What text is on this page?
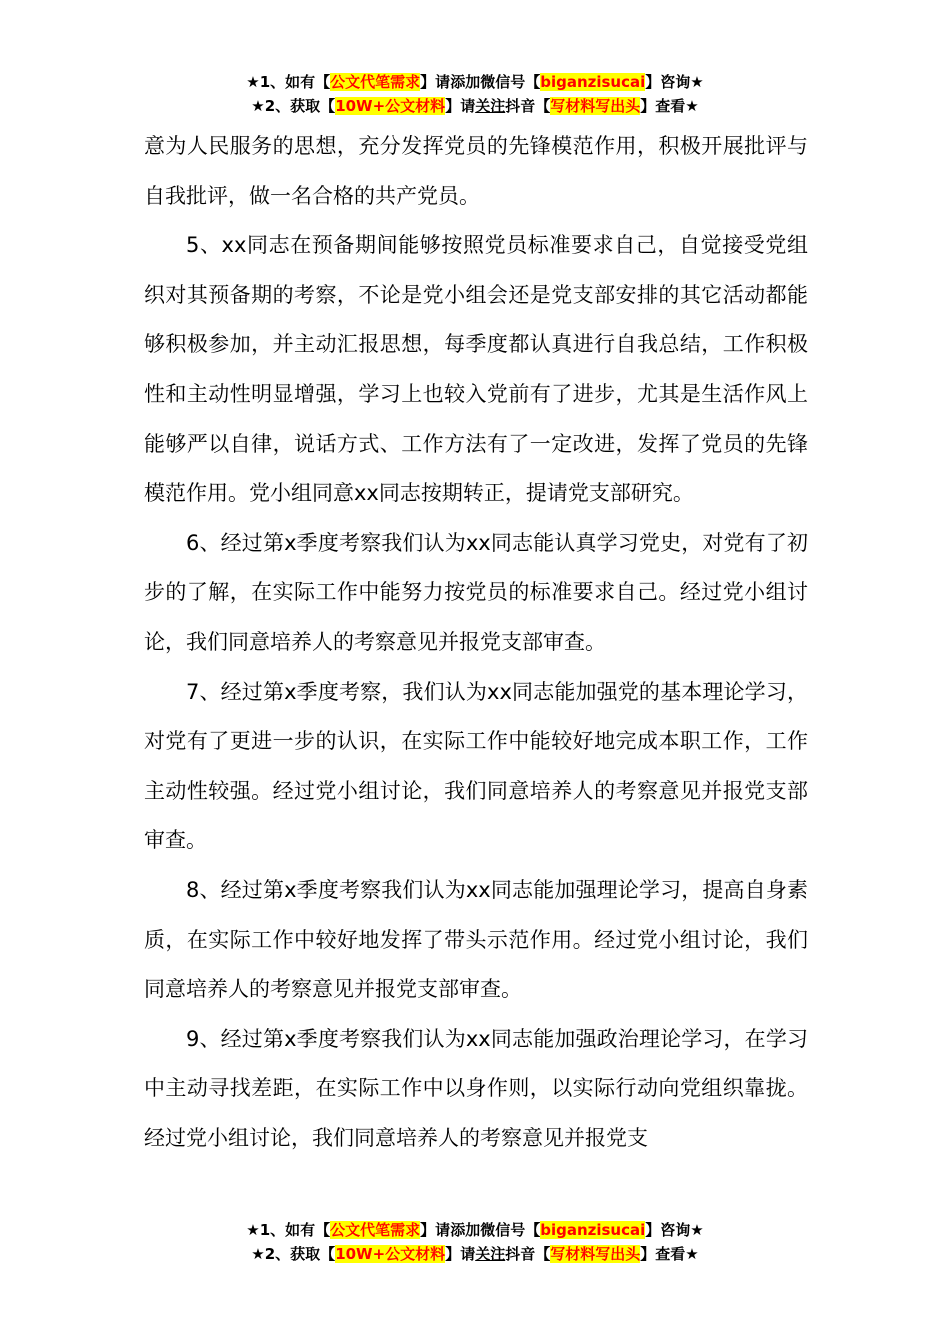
★1、如有【公文代笔需求】请添加微信号【biganzisucai】咨询★
★2、获取【10W+公文材料】请关注抖音【写材料写出头】查看★

意为人民服务的思想，充分发挥党员的先锋模范作用，积极开展批评与自我批评，做一名合格的共产党员。

5、xx同志在预备期间能够按照党员标准要求自己，自觉接受党组织对其预备期的考察，不论是党小组会还是党支部安排的其它活动都能够积极参加，并主动汇报思想，每季度都认真进行自我总结，工作积极性和主动性明显增强，学习上也较入党前有了进步，尤其是生活作风上能够严以自律，说话方式、工作方法有了一定改进，发挥了党员的先锋模范作用。党小组同意xx同志按期转正，提请党支部研究。

6、经过第x季度考察我们认为xx同志能认真学习党史，对党有了初步的了解，在实际工作中能努力按党员的标准要求自己。经过党小组讨论，我们同意培养人的考察意见并报党支部审查。

7、经过第x季度考察，我们认为xx同志能加强党的基本理论学习，对党有了更进一步的认识，在实际工作中能较好地完成本职工作，工作主动性较强。经过党小组讨论，我们同意培养人的考察意见并报党支部审查。

8、经过第x季度考察我们认为xx同志能加强理论学习，提高自身素质，在实际工作中较好地发挥了带头示范作用。经过党小组讨论，我们同意培养人的考察意见并报党支部审查。

9、经过第x季度考察我们认为xx同志能加强政治理论学习，在学习中主动寻找差距，在实际工作中以身作则，以实际行动向党组织靠拢。经过党小组讨论，我们同意培养人的考察意见并报党支

★1、如有【公文代笔需求】请添加微信号【biganzisucai】咨询★
★2、获取【10W+公文材料】请关注抖音【写材料写出头】查看★
